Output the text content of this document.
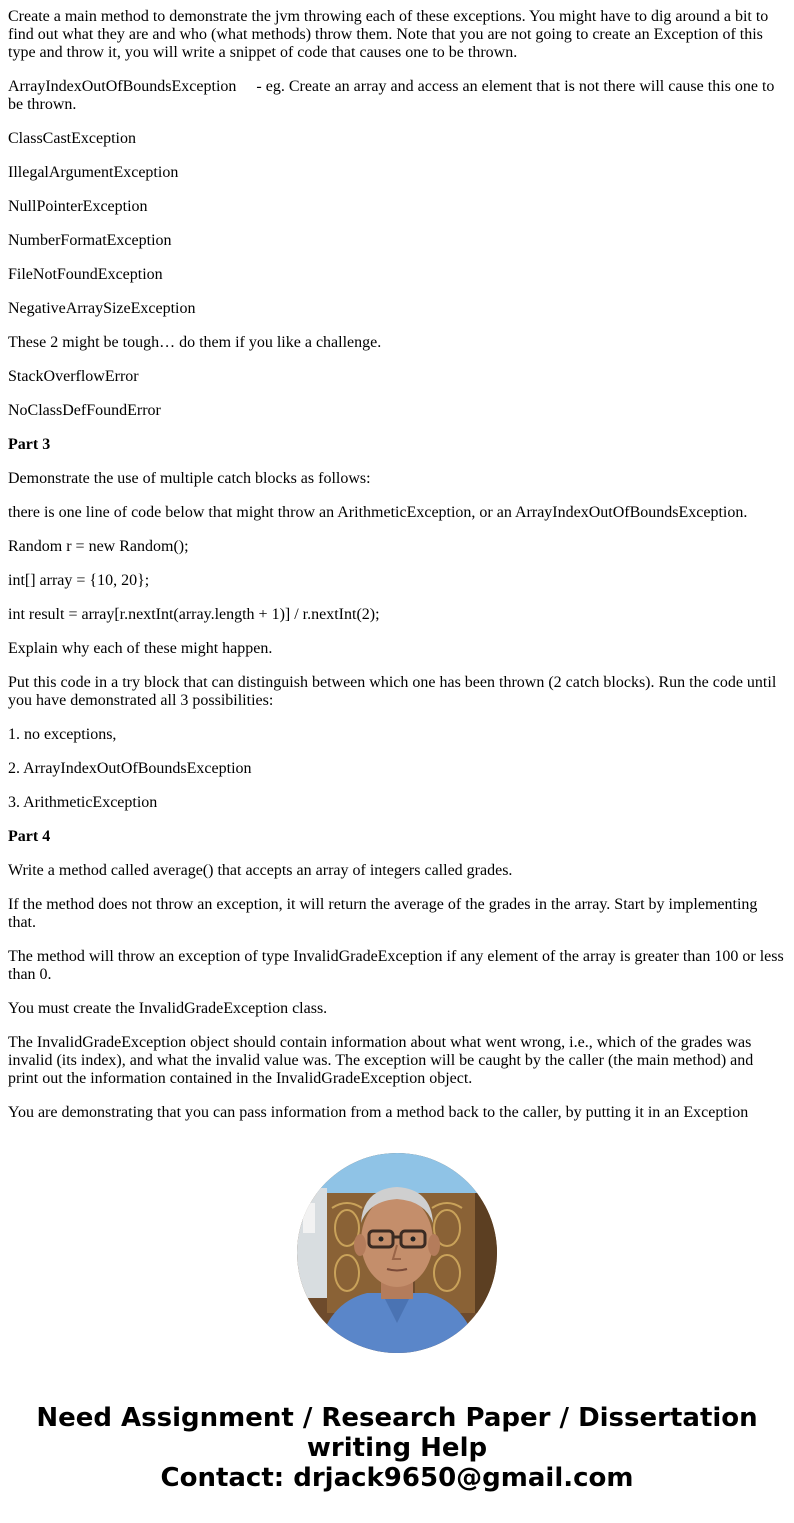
Create a main method to demonstrate the jvm throwing each of these exceptions. You might have to dig around a bit to find out what they are and who (what methods) throw them. Note that you are not going to create an Exception of this type and throw it, you will write a snippet of code that causes one to be thrown.

ArrayIndexOutOfBoundsException     - eg. Create an array and access an element that is not there will cause this one to be thrown.

ClassCastException

IllegalArgumentException

NullPointerException

NumberFormatException

FileNotFoundException

NegativeArraySizeException

These 2 might be tough… do them if you like a challenge.

StackOverflowError

NoClassDefFoundError

Part 3

Demonstrate the use of multiple catch blocks as follows:

there is one line of code below that might throw an ArithmeticException, or an ArrayIndexOutOfBoundsException.

Random r = new Random();

int[] array = {10, 20};

int result = array[r.nextInt(array.length + 1)] / r.nextInt(2);

Explain why each of these might happen.

Put this code in a try block that can distinguish between which one has been thrown (2 catch blocks). Run the code until you have demonstrated all 3 possibilities:

1. no exceptions,

2. ArrayIndexOutOfBoundsException

3. ArithmeticException

Part 4

Write a method called average() that accepts an array of integers called grades.

If the method does not throw an exception, it will return the average of the grades in the array. Start by implementing that.

The method will throw an exception of type InvalidGradeException if any element of the array is greater than 100 or less than 0.

You must create the InvalidGradeException class.

The InvalidGradeException object should contain information about what went wrong, i.e., which of the grades was invalid (its index), and what the invalid value was. The exception will be caught by the caller (the main method) and print out the information contained in the InvalidGradeException object.

You are demonstrating that you can pass information from a method back to the caller, by putting it in an Exception

Need Assignment / Research Paper / Dissertation
writing Help
Contact: drjack9650@gmail.com
